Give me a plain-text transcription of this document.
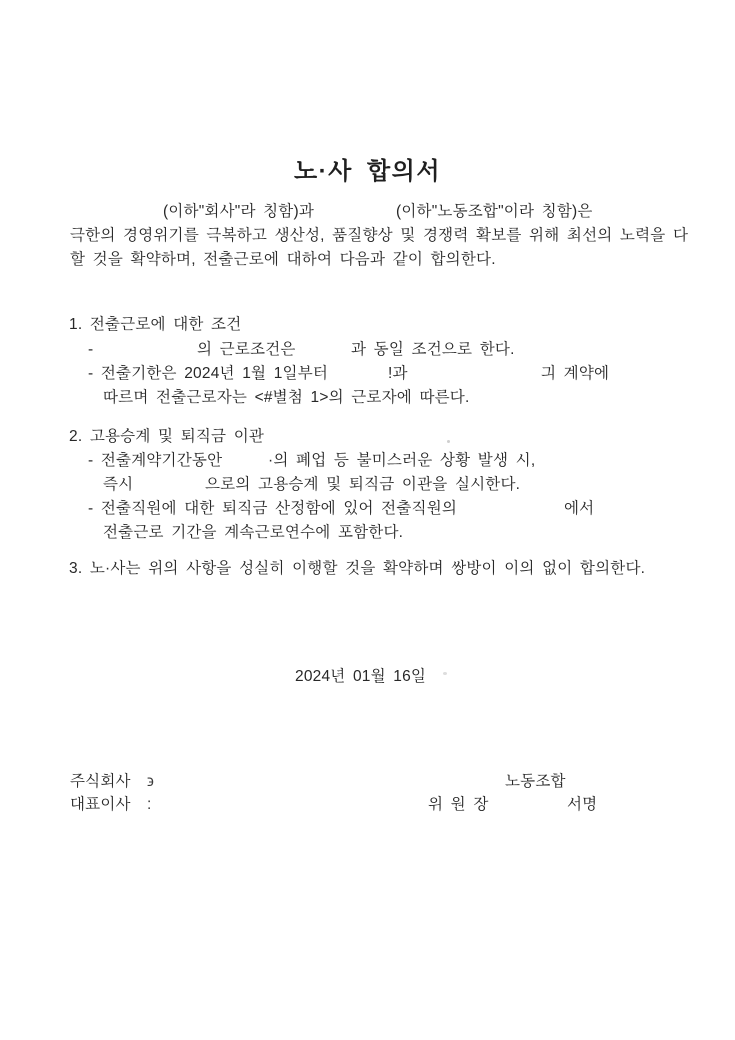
노·사 합의서
(이하"회사"라 칭함)과	(이하"노동조합"이라 칭함)은
극한의 경영위기를 극복하고 생산성, 품질향상 및 경쟁력 확보를 위해 최선의 노력을 다
할 것을 확약하며, 전출근로에 대하여 다음과 같이 합의한다.
1. 전출근로에 대한 조건
-	의 근로조건은	과 동일 조건으로 한다.
- 전출기한은 2024년 1월 1일부터	!과	긔 계약에
따르며 전출근로자는 <#별첨 1>의 근로자에 따른다.
2. 고용승계 및 퇴직금 이관
- 전출계약기간동안	·의 폐업 등 불미스러운 상황 발생 시,
즉시	으로의 고용승계 및 퇴직금 이관을 실시한다.
- 전출직원에 대한 퇴직금 산정함에 있어 전출직원의	에서
전출근로 기간을 계속근로연수에 포함한다.
3. 노·사는 위의 사항을 성실히 이행할 것을 확약하며 쌍방이 이의 없이 합의한다.
2024년 01월 16일
주식회사 ϶	노동조합
대표이사 :	위 원 장	서명
